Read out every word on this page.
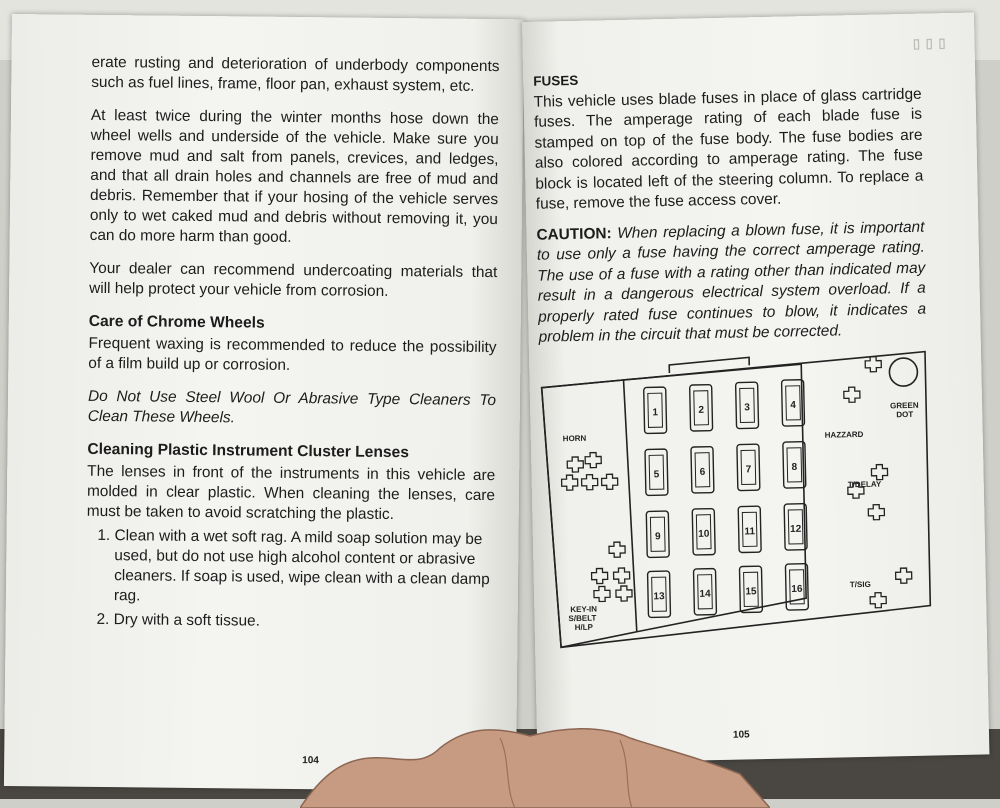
erate rusting and deterioration of underbody components such as fuel lines, frame, floor pan, exhaust system, etc.

At least twice during the winter months hose down the wheel wells and underside of the vehicle. Make sure you remove mud and salt from panels, crevices, and ledges, and that all drain holes and channels are free of mud and debris. Remember that if your hosing of the vehicle serves only to wet caked mud and debris without removing it, you can do more harm than good.

Your dealer can recommend undercoating materials that will help protect your vehicle from corrosion.

Care of Chrome Wheels

Frequent waxing is recommended to reduce the possibility of a film build up or corrosion.

Do Not Use Steel Wool Or Abrasive Type Cleaners To Clean These Wheels.

Cleaning Plastic Instrument Cluster Lenses

The lenses in front of the instruments in this vehicle are molded in clear plastic. When cleaning the lenses, care must be taken to avoid scratching the plastic.

1. Clean with a wet soft rag. A mild soap solution may be used, but do not use high alcohol content or abrasive cleaners. If soap is used, wipe clean with a clean damp rag.
2. Dry with a soft tissue.
104
▯ ▯ ▯
FUSES

This vehicle uses blade fuses in place of glass cartridge fuses. The amperage rating of each blade fuse is stamped on top of the fuse body. The fuse bodies are also colored according to amperage rating. The fuse block is located left of the steering column. To replace a fuse, remove the fuse access cover.

CAUTION: When replacing a blown fuse, it is important to use only a fuse having the correct amperage rating. The use of a fuse with a rating other than indicated may result in a dangerous electrical system overload. If a properly rated fuse continues to blow, it indicates a problem in the circuit that must be corrected.

1	2	3	4
5	6	7	8
9	10	11	12
13	14	15	16
HORN
KEY-IN
S/BELT
H/LP
HAZZARD
GREEN
DOT
T/DELAY
T/SIG
105
